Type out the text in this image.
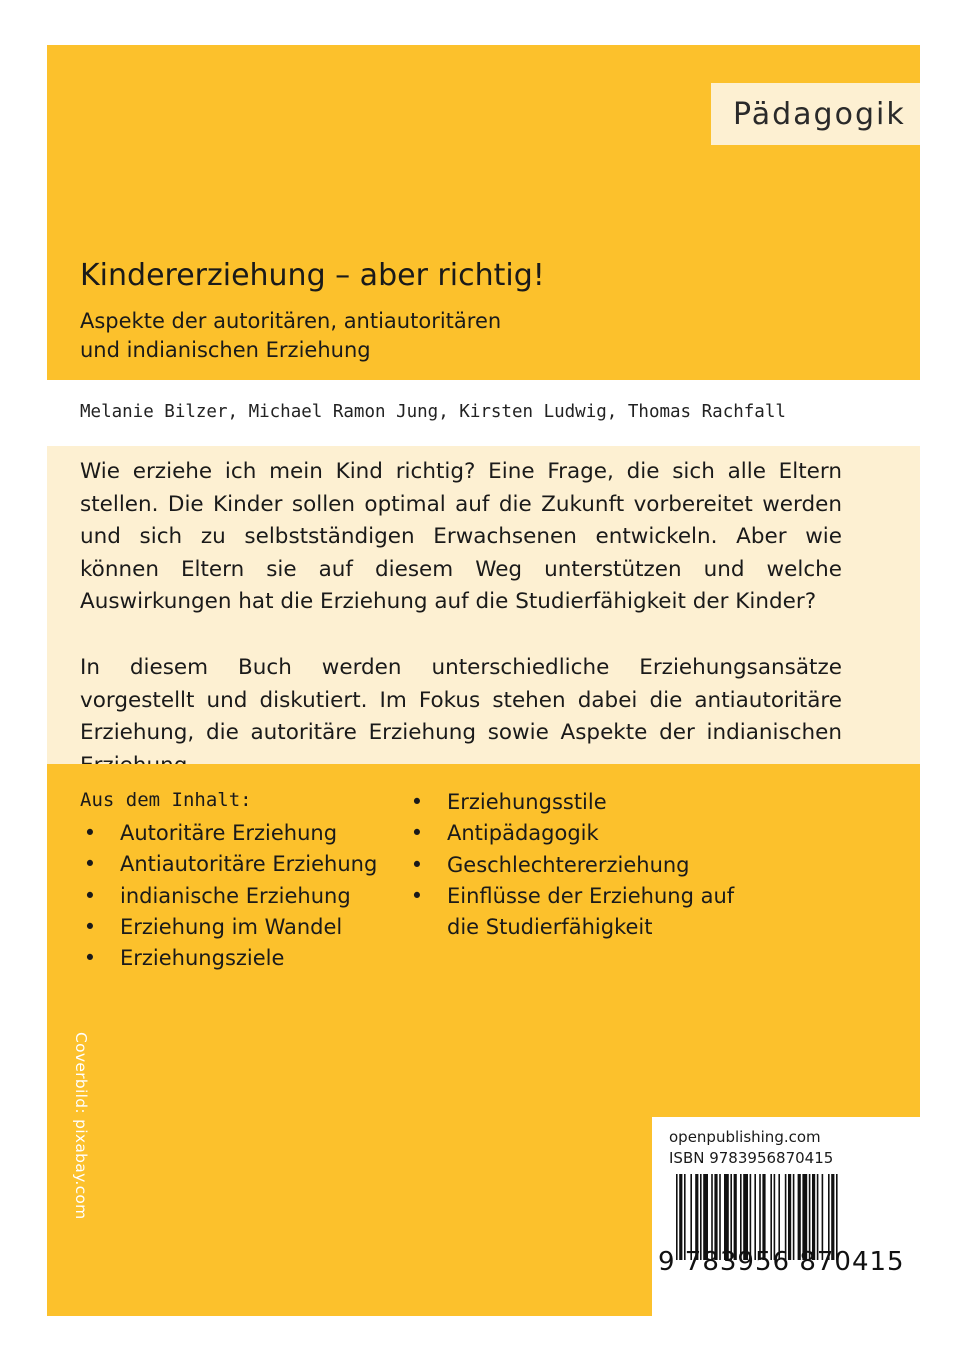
Pädagogik
Kindererziehung – aber richtig!
Aspekte der autoritären, antiautoritären
und indianischen Erziehung
Melanie Bilzer, Michael Ramon Jung, Kirsten Ludwig, Thomas Rachfall

Wie erziehe ich mein Kind richtig? Eine Frage, die sich alle Eltern stellen. Die Kinder sollen optimal auf die Zukunft vorbereitet werden und sich zu selbstständigen Erwachsenen entwickeln. Aber wie können Eltern sie auf diesem Weg unterstützen und welche Auswirkungen hat die Erziehung auf die Studierfähigkeit der Kinder?

In diesem Buch werden unterschiedliche Erziehungsansätze vorgestellt und diskutiert. Im Fokus stehen dabei die antiautoritäre Erziehung, die autoritäre Erziehung sowie Aspekte der indianischen

Aus dem Inhalt:
• Autoritäre Erziehung
• Antiautoritäre Erziehung
• indianische Erziehung
• Erziehung im Wandel
• Erziehungsziele
• Erziehungsstile
• Antipädagogik
• Geschlechtererziehung
• Einflüsse der Erziehung auf
die Studierfähigkeit
Coverbild: pixabay.com	openpublishing.com
ISBN 9783956870415
9 783956 870415
